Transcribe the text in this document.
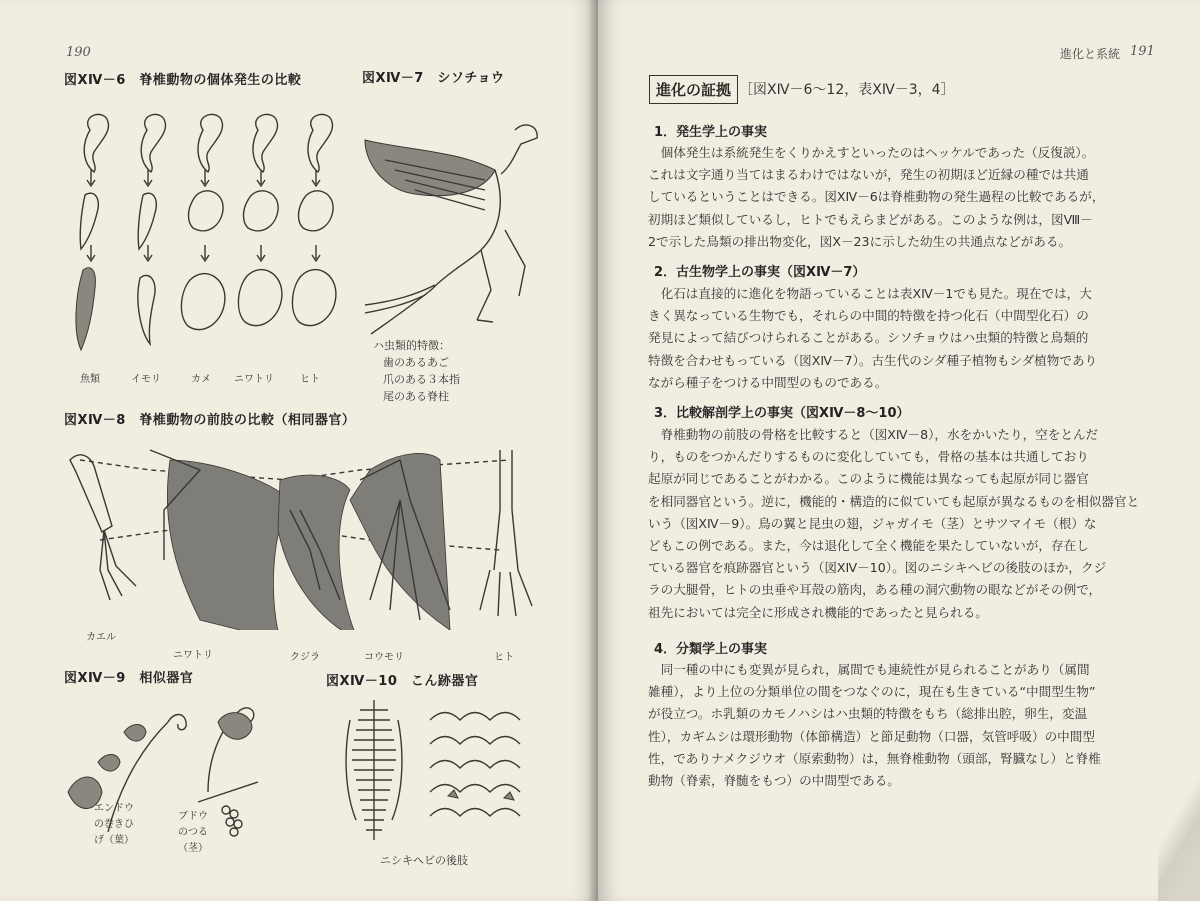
190
図XⅣ－6　脊椎動物の個体発生の比較	図XⅣ－7　シソチョウ
魚類	イモリ	カメ ニワトリ	ヒト
ハ虫類的特徴：
歯のあるあご
爪のある３本指
尾のある脊柱
図XⅣ－8　脊椎動物の前肢の比較（相同器官）
カエル
ニワトリ	クジラ	コウモリ	ヒト
図XⅣ－9　相似器官	図XⅣ－10　こん跡器官
エンドウ
の巻きひ
げ（葉）
ブドウ
のつる
（茎）
ニシキヘビの後肢
進化と系統 191
進化の証拠 ［図XⅣ－6～12，表XⅣ－3，4］
1．発生学上の事実
個体発生は系統発生をくりかえすといったのはヘッケルであった（反復説）。
これは文字通り当てはまるわけではないが，発生の初期ほど近縁の種では共通
しているということはできる。図XⅣ－6は脊椎動物の発生過程の比較であるが，
初期ほど類似しているし，ヒトでもえらまどがある。このような例は，図Ⅷ－
2で示した鳥類の排出物変化，図X－23に示した幼生の共通点などがある。
2．古生物学上の事実（図XⅣ－7）
化石は直接的に進化を物語っていることは表XⅣ－1でも見た。現在では，大
きく異なっている生物でも，それらの中間的特徴を持つ化石（中間型化石）の
発見によって結びつけられることがある。シソチョウはハ虫類的特徴と鳥類的
特徴を合わせもっている（図XⅣ－7）。古生代のシダ種子植物もシダ植物であり
ながら種子をつける中間型のものである。
3．比較解剖学上の事実（図XⅣ－8～10）
脊椎動物の前肢の骨格を比較すると（図XⅣ－8），水をかいたり，空をとんだ
り，ものをつかんだりするものに変化していても，骨格の基本は共通しており
起原が同じであることがわかる。このように機能は異なっても起原が同じ器官
を相同器官という。逆に，機能的・構造的に似ていても起原が異なるものを相似器官と
いう（図XⅣ－9）。鳥の翼と昆虫の翅，ジャガイモ（茎）とサツマイモ（根）な
どもこの例である。また，今は退化して全く機能を果たしていないが，存在し
ている器官を痕跡器官という（図XⅣ－10）。図のニシキヘビの後肢のほか，クジ
ラの大腿骨，ヒトの虫垂や耳殻の筋肉，ある種の洞穴動物の眼などがその例で，
祖先においては完全に形成され機能的であったと見られる。
4．分類学上の事実
同一種の中にも変異が見られ，属間でも連続性が見られることがあり（属間
雑種），より上位の分類単位の間をつなぐのに，現在も生きている“中間型生物”
が役立つ。ホ乳類のカモノハシはハ虫類的特徴をもち（総排出腔，卵生，変温
性），カギムシは環形動物（体節構造）と節足動物（口器，気管呼吸）の中間型
性，でありナメクジウオ（原索動物）は，無脊椎動物（頭部，腎臓なし）と脊椎
動物（脊索，脊髄をもつ）の中間型である。
